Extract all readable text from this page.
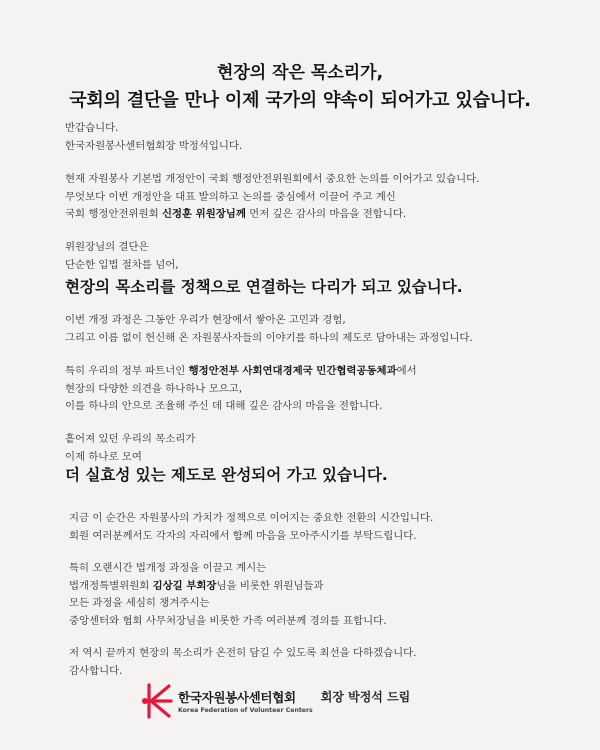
현장의 작은 목소리가,
국회의 결단을 만나 이제 국가의 약속이 되어가고 있습니다.

반갑습니다.
한국자원봉사센터협회장 박정석입니다.

현재 자원봉사 기본법 개정안이 국회 행정안전위원회에서 중요한 논의를 이어가고 있습니다.
무엇보다 이번 개정안을 대표 발의하고 논의를 중심에서 이끌어 주고 계신
국회 행정안전위원회 신정훈 위원장님께 먼저 깊은 감사의 마음을 전합니다.

위원장님의 결단은
단순한 입법 절차를 넘어,

현장의 목소리를 정책으로 연결하는 다리가 되고 있습니다.

이번 개정 과정은 그동안 우리가 현장에서 쌓아온 고민과 경험,
그리고 이름 없이 헌신해 온 자원봉사자들의 이야기를 하나의 제도로 담아내는 과정입니다.

특히 우리의 정부 파트너인 행정안전부 사회연대경제국 민간협력공동체과에서
현장의 다양한 의견을 하나하나 모으고,
이를 하나의 안으로 조율해 주신 데 대해 깊은 감사의 마음을 전합니다.

흩어져 있던 우리의 목소리가
이제 하나로 모여

더 실효성 있는 제도로 완성되어 가고 있습니다.

지금 이 순간은 자원봉사의 가치가 정책으로 이어지는 중요한 전환의 시간입니다.
회원 여러분께서도 각자의 자리에서 함께 마음을 모아주시기를 부탁드립니다.

특히 오랜시간 법개정 과정을 이끌고 계시는
법개정특별위원회 김상길 부회장님을 비롯한 위원님들과
모든 과정을 세심히 챙겨주시는
중앙센터와 협회 사무처장님을 비롯한 가족 여러분께 경의를 표합니다.

저 역시 끝까지 현장의 목소리가 온전히 담길 수 있도록 최선을 다하겠습니다.
감사합니다.

한국자원봉사센터협회
Korea Federation of Volunteer Centers
회장 박정석 드림
